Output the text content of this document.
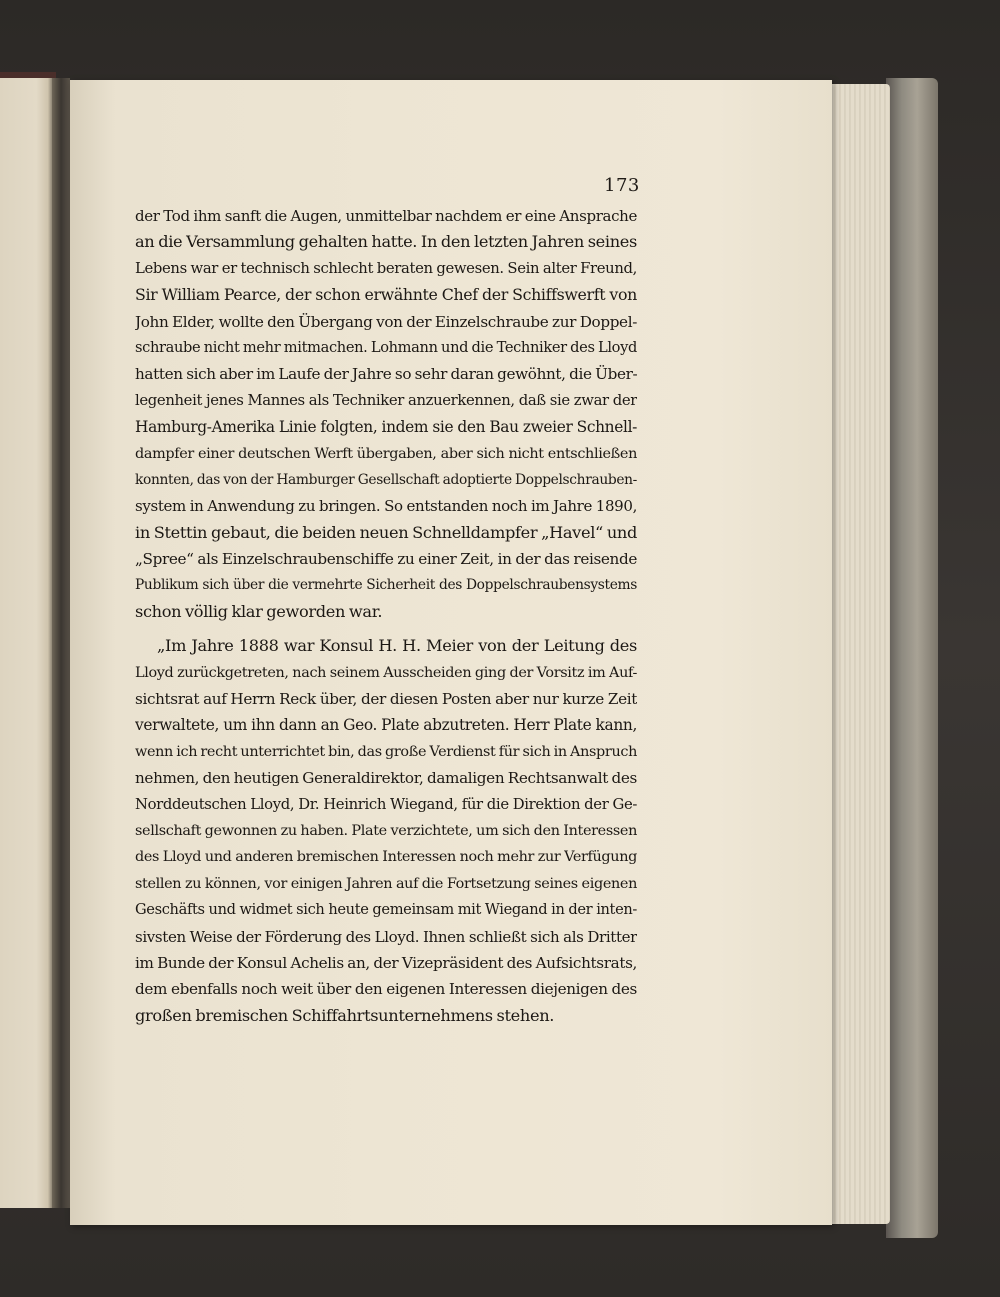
173
der Tod ihm sanft die Augen, unmittelbar nachdem er eine Ansprache
an die Versammlung gehalten hatte. In den letzten Jahren seines
Lebens war er technisch schlecht beraten gewesen. Sein alter Freund,
Sir William Pearce, der schon erwähnte Chef der Schiffswerft von
John Elder, wollte den Übergang von der Einzelschraube zur Doppel-
schraube nicht mehr mitmachen. Lohmann und die Techniker des Lloyd
hatten sich aber im Laufe der Jahre so sehr daran gewöhnt, die Über-
legenheit jenes Mannes als Techniker anzuerkennen, daß sie zwar der
Hamburg-Amerika Linie folgten, indem sie den Bau zweier Schnell-
dampfer einer deutschen Werft übergaben, aber sich nicht entschließen
konnten, das von der Hamburger Gesellschaft adoptierte Doppelschrauben-
system in Anwendung zu bringen. So entstanden noch im Jahre 1890,
in Stettin gebaut, die beiden neuen Schnelldampfer „Havel“ und
„Spree“ als Einzelschraubenschiffe zu einer Zeit, in der das reisende
Publikum sich über die vermehrte Sicherheit des Doppelschraubensystems
schon völlig klar geworden war.
„Im Jahre 1888 war Konsul H. H. Meier von der Leitung des
Lloyd zurückgetreten, nach seinem Ausscheiden ging der Vorsitz im Auf-
sichtsrat auf Herrn Reck über, der diesen Posten aber nur kurze Zeit
verwaltete, um ihn dann an Geo. Plate abzutreten. Herr Plate kann,
wenn ich recht unterrichtet bin, das große Verdienst für sich in Anspruch
nehmen, den heutigen Generaldirektor, damaligen Rechtsanwalt des
Norddeutschen Lloyd, Dr. Heinrich Wiegand, für die Direktion der Ge-
sellschaft gewonnen zu haben. Plate verzichtete, um sich den Interessen
des Lloyd und anderen bremischen Interessen noch mehr zur Verfügung
stellen zu können, vor einigen Jahren auf die Fortsetzung seines eigenen
Geschäfts und widmet sich heute gemeinsam mit Wiegand in der inten-
sivsten Weise der Förderung des Lloyd. Ihnen schließt sich als Dritter
im Bunde der Konsul Achelis an, der Vizepräsident des Aufsichtsrats,
dem ebenfalls noch weit über den eigenen Interessen diejenigen des
großen bremischen Schiffahrtsunternehmens stehen.
